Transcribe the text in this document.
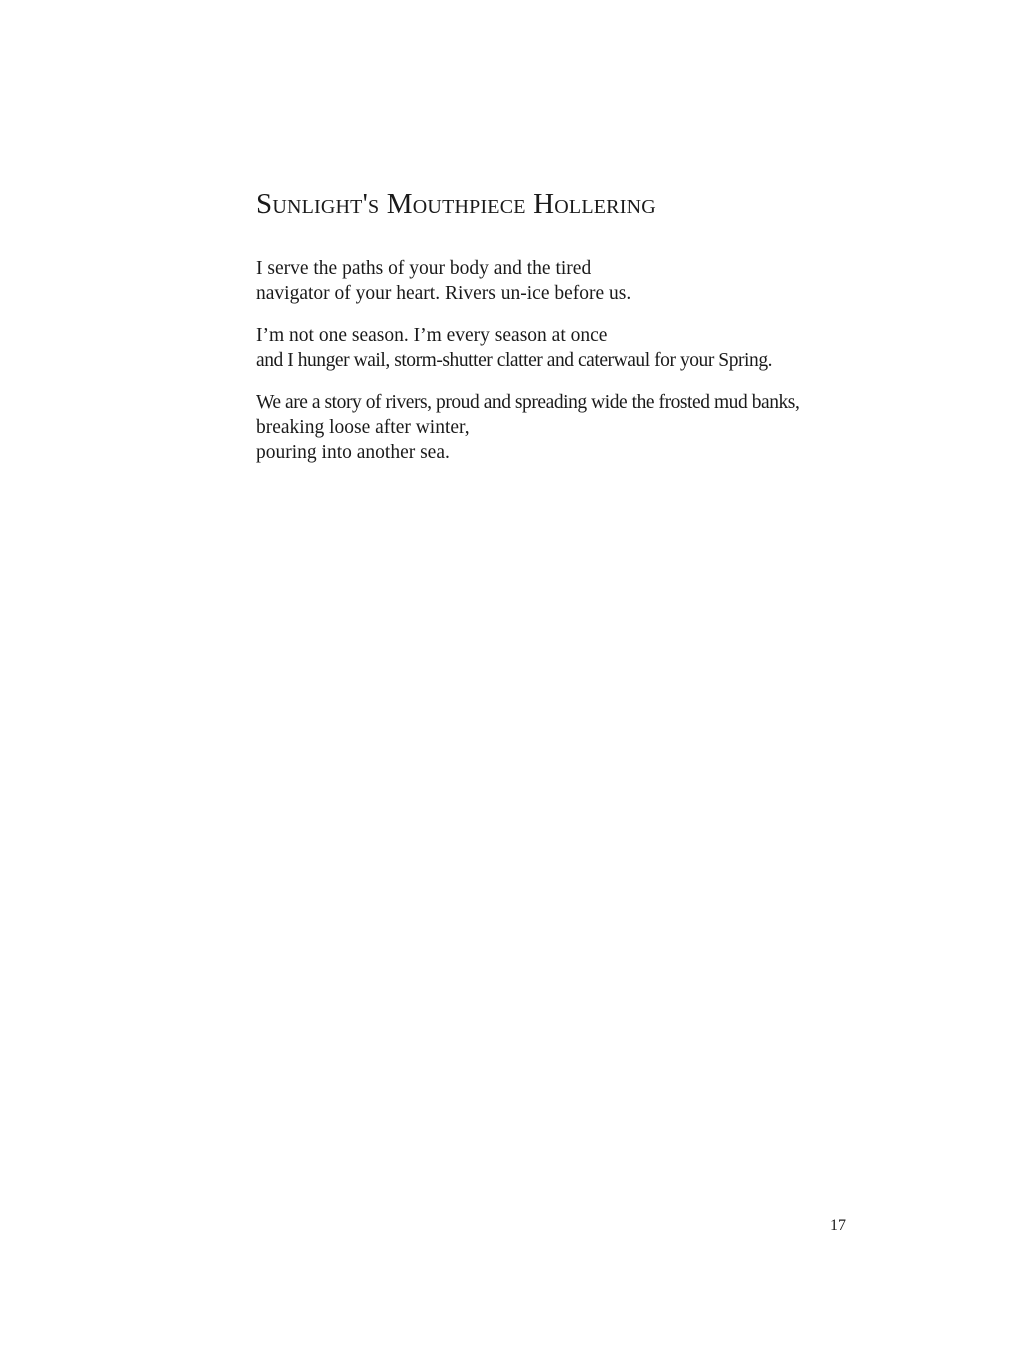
Sunlight's Mouthpiece Hollering

I serve the paths of your body and the tired
navigator of your heart. Rivers un-ice before us.

I’m not one season. I’m every season at once
and I hunger wail, storm-shutter clatter and caterwaul for your Spring.

We are a story of rivers, proud and spreading wide the frosted mud banks,
breaking loose after winter,
pouring into another sea.

17
